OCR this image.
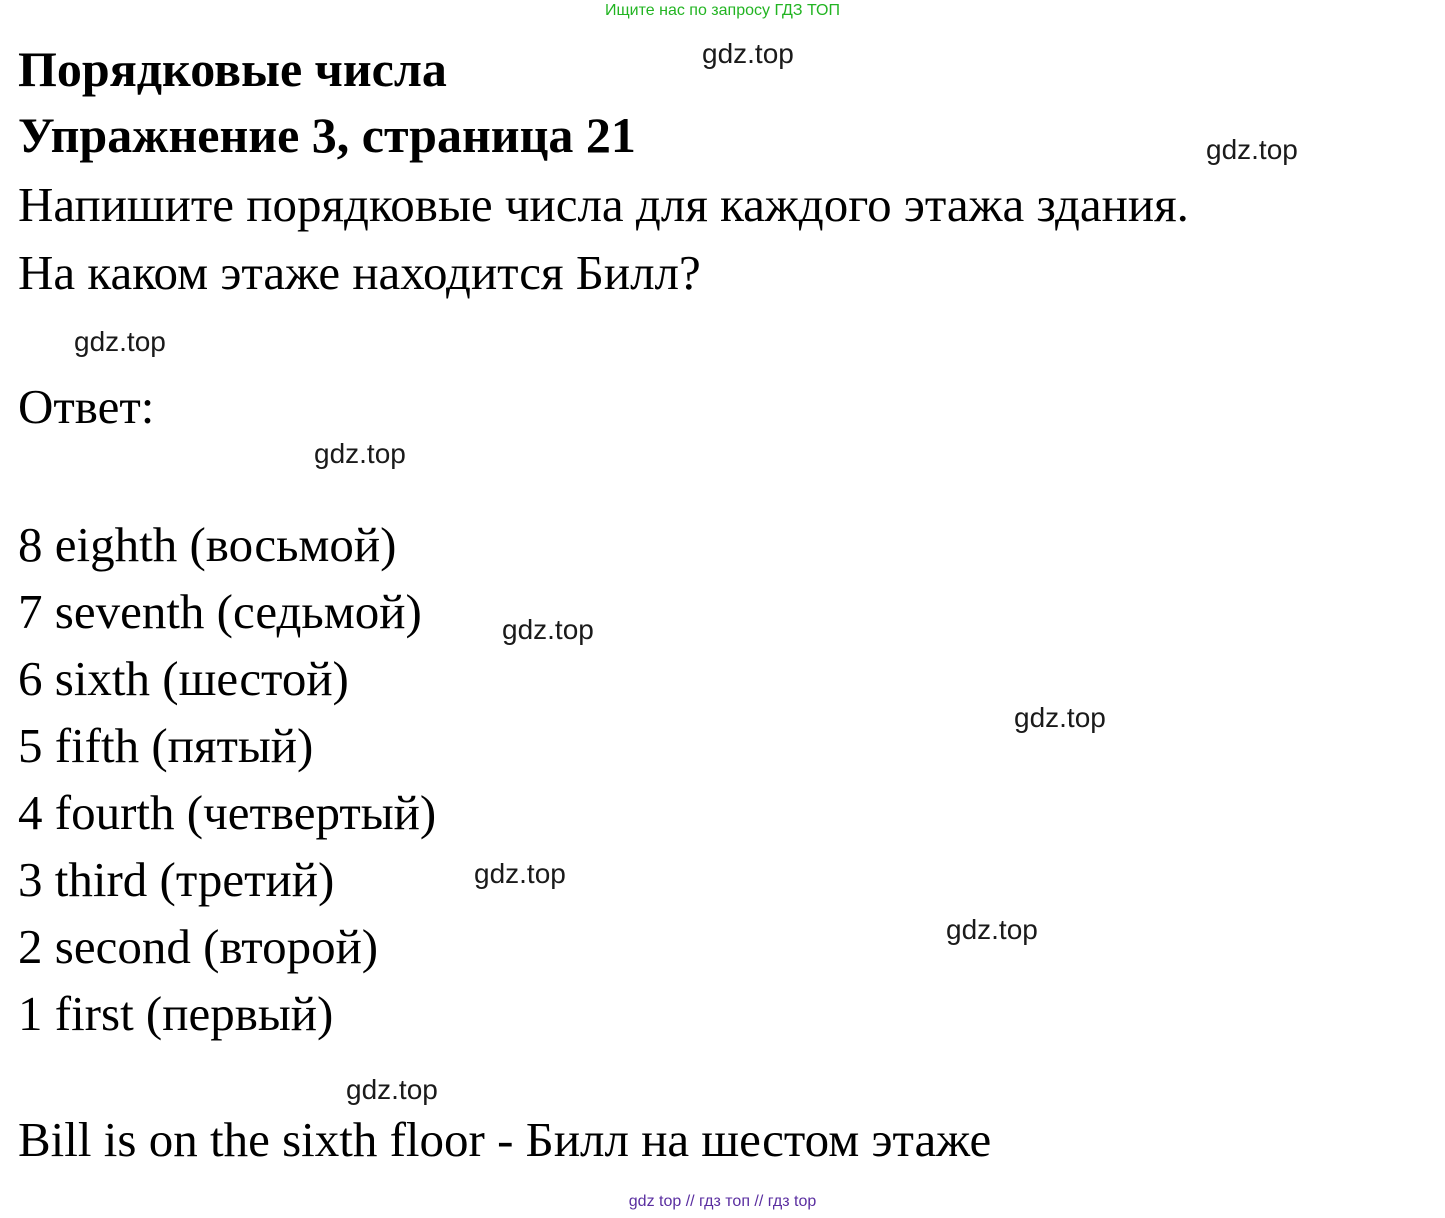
Ищите нас по запросу ГДЗ ТОП
Порядковые числа
Упражнение 3, страница 21
Напишите порядковые числа для каждого этажа здания.
На каком этаже находится Билл?
Ответ:
8 eighth (восьмой)
7 seventh (седьмой)
6 sixth (шестой)
5 fifth (пятый)
4 fourth (четвертый)
3 third (третий)
2 second (второй)
1 first (первый)
Bill is on the sixth floor - Билл на шестом этаже
gdz.top
gdz.top
gdz.top
gdz.top
gdz.top
gdz.top
gdz.top
gdz.top
gdz.top
gdz top // гдз топ // гдз top
